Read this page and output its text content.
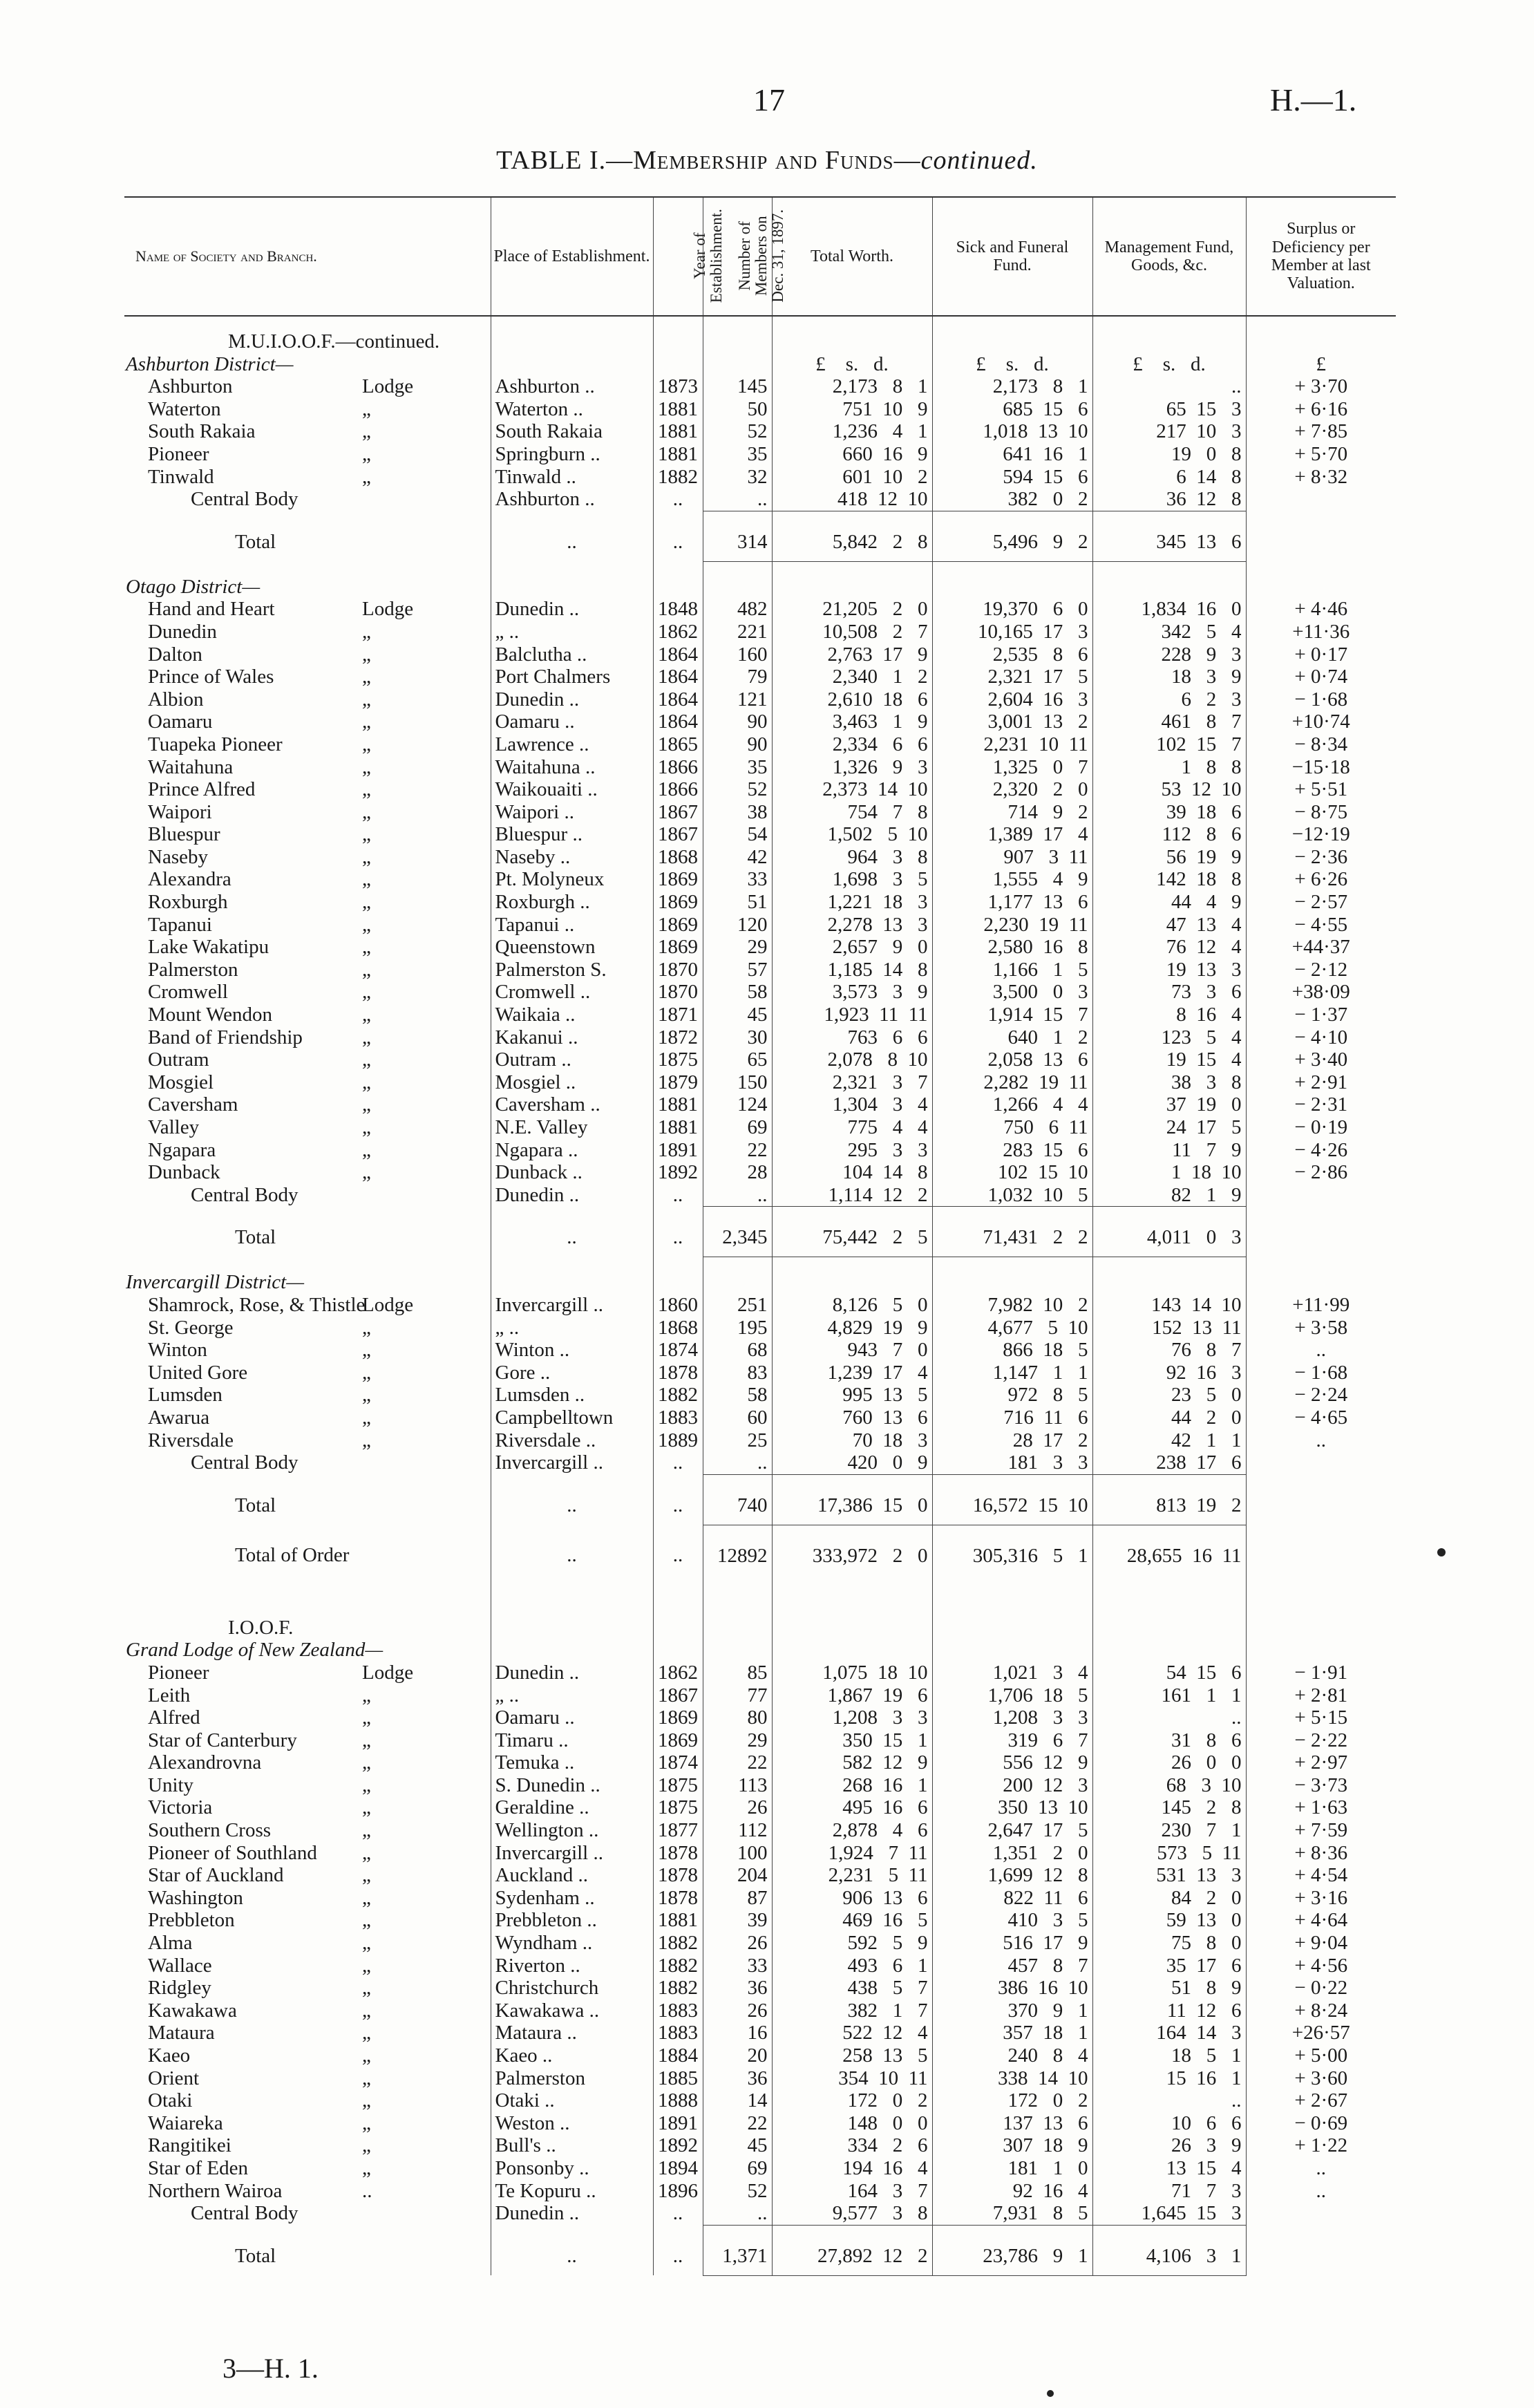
17	H.—1.
TABLE I.—Membership and Funds—continued.
Name of Society and Branch.	Place of Establishment.	Year of Establishment.	Number of Members on Dec. 31, 1897.	Total Worth.	Sick and Funeral Fund.	Management Fund, Goods, &c.	Surplus or Deficiency per Member at last Valuation.

M.U.I.O.O.F.—continued.							
Ashburton District—				£    s.   d.	£    s.   d.	£    s.   d.	£
Ashburton Lodge	Ashburton ..	1873	145	2,173   8   1	2,173   8   1	..	+ 3·70
Waterton „	Waterton ..	1881	50	751  10   9	685  15   6	65  15   3	+ 6·16
South Rakaia „	South Rakaia	1881	52	1,236   4   1	1,018  13  10	217  10   3	+ 7·85
Pioneer „	Springburn ..	1881	35	660  16   9	641  16   1	19   0   8	+ 5·70
Tinwald „	Tinwald ..	1882	32	601  10   2	594  15   6	6  14   8	+ 8·32
Central Body	Ashburton ..	..	..	418  12  10	382   0   2	36  12   8	
Total	..	..	314	5,842   2   8	5,496   9   2	345  13   6	

Otago District—							
Hand and Heart Lodge	Dunedin ..	1848	482	21,205   2   0	19,370   6   0	1,834  16   0	+ 4·46
Dunedin „	„ ..	1862	221	10,508   2   7	10,165  17   3	342   5   4	+11·36
Dalton „	Balclutha ..	1864	160	2,763  17   9	2,535   8   6	228   9   3	+ 0·17
Prince of Wales „	Port Chalmers	1864	79	2,340   1   2	2,321  17   5	18   3   9	+ 0·74
Albion „	Dunedin ..	1864	121	2,610  18   6	2,604  16   3	6   2   3	− 1·68
Oamaru „	Oamaru ..	1864	90	3,463   1   9	3,001  13   2	461   8   7	+10·74
Tuapeka Pioneer „	Lawrence ..	1865	90	2,334   6   6	2,231  10  11	102  15   7	− 8·34
Waitahuna „	Waitahuna ..	1866	35	1,326   9   3	1,325   0   7	1   8   8	−15·18
Prince Alfred „	Waikouaiti ..	1866	52	2,373  14  10	2,320   2   0	53  12  10	+ 5·51
Waipori „	Waipori ..	1867	38	754   7   8	714   9   2	39  18   6	− 8·75
Bluespur „	Bluespur ..	1867	54	1,502   5  10	1,389  17   4	112   8   6	−12·19
Naseby „	Naseby ..	1868	42	964   3   8	907   3  11	56  19   9	− 2·36
Alexandra „	Pt. Molyneux	1869	33	1,698   3   5	1,555   4   9	142  18   8	+ 6·26
Roxburgh „	Roxburgh ..	1869	51	1,221  18   3	1,177  13   6	44   4   9	− 2·57
Tapanui „	Tapanui ..	1869	120	2,278  13   3	2,230  19  11	47  13   4	− 4·55
Lake Wakatipu „	Queenstown	1869	29	2,657   9   0	2,580  16   8	76  12   4	+44·37
Palmerston „	Palmerston S.	1870	57	1,185  14   8	1,166   1   5	19  13   3	− 2·12
Cromwell „	Cromwell ..	1870	58	3,573   3   9	3,500   0   3	73   3   6	+38·09
Mount Wendon „	Waikaia ..	1871	45	1,923  11  11	1,914  15   7	8  16   4	− 1·37
Band of Friendship „	Kakanui ..	1872	30	763   6   6	640   1   2	123   5   4	− 4·10
Outram „	Outram ..	1875	65	2,078   8  10	2,058  13   6	19  15   4	+ 3·40
Mosgiel „	Mosgiel ..	1879	150	2,321   3   7	2,282  19  11	38   3   8	+ 2·91
Caversham „	Caversham ..	1881	124	1,304   3   4	1,266   4   4	37  19   0	− 2·31
Valley „	N.E. Valley	1881	69	775   4   4	750   6  11	24  17   5	− 0·19
Ngapara „	Ngapara ..	1891	22	295   3   3	283  15   6	11   7   9	− 4·26
Dunback „	Dunback ..	1892	28	104  14   8	102  15  10	1  18  10	− 2·86
Central Body	Dunedin ..	..	..	1,114  12   2	1,032  10   5	82   1   9	
Total	..	..	2,345	75,442   2   5	71,431   2   2	4,011   0   3	

Invercargill District—							
Shamrock, Rose, & ThistleLodge	Invercargill ..	1860	251	8,126   5   0	7,982  10   2	143  14  10	+11·99
St. George „	„ ..	1868	195	4,829  19   9	4,677   5  10	152  13  11	+ 3·58
Winton „	Winton ..	1874	68	943   7   0	866  18   5	76   8   7	..
United Gore „	Gore ..	1878	83	1,239  17   4	1,147   1   1	92  16   3	− 1·68
Lumsden „	Lumsden ..	1882	58	995  13   5	972   8   5	23   5   0	− 2·24
Awarua „	Campbelltown	1883	60	760  13   6	716  11   6	44   2   0	− 4·65
Riversdale „	Riversdale ..	1889	25	70  18   3	28  17   2	42   1   1	..
Central Body	Invercargill ..	..	..	420   0   9	181   3   3	238  17   6	
Total	..	..	740	17,386  15   0	16,572  15  10	813  19   2	
Total of Order	..	..	12892	333,972   2   0	305,316   5   1	28,655  16  11	

I.O.O.F.							
Grand Lodge of New Zealand—							
Pioneer Lodge	Dunedin ..	1862	85	1,075  18  10	1,021   3   4	54  15   6	− 1·91
Leith „	„ ..	1867	77	1,867  19   6	1,706  18   5	161   1   1	+ 2·81
Alfred „	Oamaru ..	1869	80	1,208   3   3	1,208   3   3	..	+ 5·15
Star of Canterbury „	Timaru ..	1869	29	350  15   1	319   6   7	31   8   6	− 2·22
Alexandrovna „	Temuka ..	1874	22	582  12   9	556  12   9	26   0   0	+ 2·97
Unity „	S. Dunedin ..	1875	113	268  16   1	200  12   3	68   3  10	− 3·73
Victoria „	Geraldine ..	1875	26	495  16   6	350  13  10	145   2   8	+ 1·63
Southern Cross „	Wellington ..	1877	112	2,878   4   6	2,647  17   5	230   7   1	+ 7·59
Pioneer of Southland „	Invercargill ..	1878	100	1,924   7  11	1,351   2   0	573   5  11	+ 8·36
Star of Auckland „	Auckland ..	1878	204	2,231   5  11	1,699  12   8	531  13   3	+ 4·54
Washington „	Sydenham ..	1878	87	906  13   6	822  11   6	84   2   0	+ 3·16
Prebbleton „	Prebbleton ..	1881	39	469  16   5	410   3   5	59  13   0	+ 4·64
Alma „	Wyndham ..	1882	26	592   5   9	516  17   9	75   8   0	+ 9·04
Wallace „	Riverton ..	1882	33	493   6   1	457   8   7	35  17   6	+ 4·56
Ridgley „	Christchurch	1882	36	438   5   7	386  16  10	51   8   9	− 0·22
Kawakawa „	Kawakawa ..	1883	26	382   1   7	370   9   1	11  12   6	+ 8·24
Mataura „	Mataura ..	1883	16	522  12   4	357  18   1	164  14   3	+26·57
Kaeo „	Kaeo ..	1884	20	258  13   5	240   8   4	18   5   1	+ 5·00
Orient „	Palmerston	1885	36	354  10  11	338  14  10	15  16   1	+ 3·60
Otaki „	Otaki ..	1888	14	172   0   2	172   0   2	..	+ 2·67
Waiareka „	Weston ..	1891	22	148   0   0	137  13   6	10   6   6	− 0·69
Rangitikei „	Bull's ..	1892	45	334   2   6	307  18   9	26   3   9	+ 1·22
Star of Eden „	Ponsonby ..	1894	69	194  16   4	181   1   0	13  15   4	..
Northern Wairoa ..	Te Kopuru ..	1896	52	164   3   7	92  16   4	71   7   3	..
Central Body	Dunedin ..	..	..	9,577   3   8	7,931   8   5	1,645  15   3	
Total	..	..	1,371	27,892  12   2	23,786   9   1	4,106   3   1	
3—H. 1.
